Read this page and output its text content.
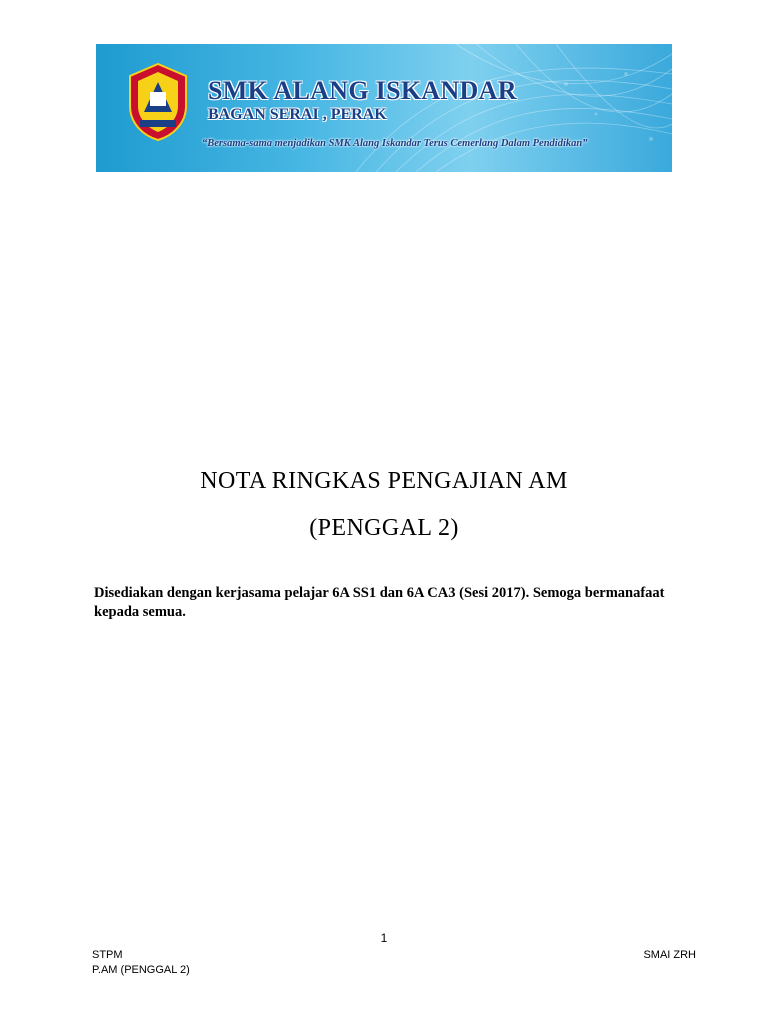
SMK ALANG ISKANDAR
BAGAN SERAI , PERAK
“Bersama-sama menjadikan SMK Alang Iskandar Terus Cemerlang Dalam Pendidikan”
NOTA RINGKAS PENGAJIAN AM
(PENGGAL 2)
Disediakan dengan kerjasama pelajar 6A SS1 dan 6A CA3 (Sesi 2017). Semoga bermanafaat kepada semua.
1
STPM
P.AM (PENGGAL 2)
SMAI ZRH
